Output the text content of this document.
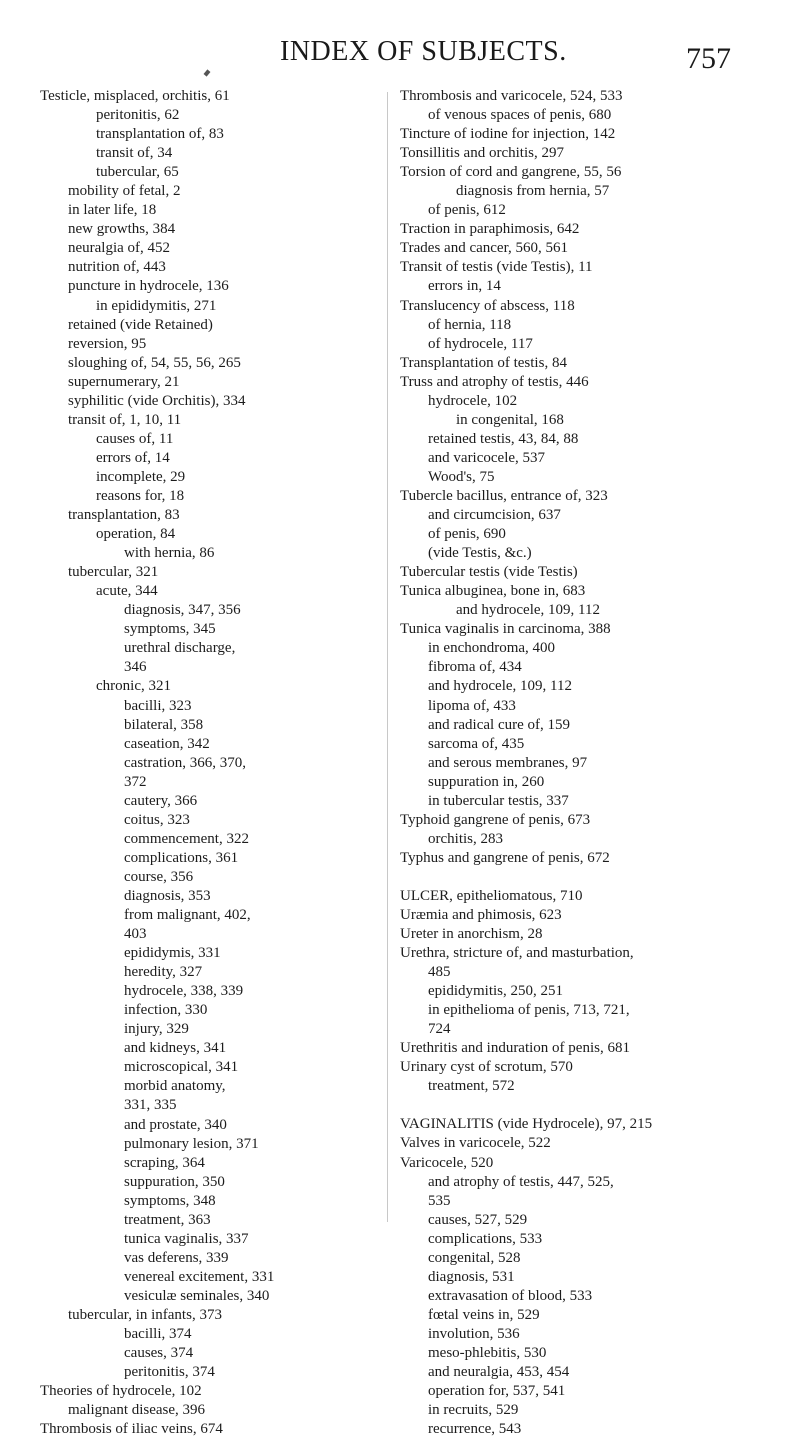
INDEX OF SUBJECTS.	757
Testicle, misplaced, orchitis, 61
peritonitis, 62
transplantation of, 83
transit of, 34
tubercular, 65
mobility of fetal, 2
in later life, 18
new growths, 384
neuralgia of, 452
nutrition of, 443
puncture in hydrocele, 136
in epididymitis, 271
retained (vide Retained)
reversion, 95
sloughing of, 54, 55, 56, 265
supernumerary, 21
syphilitic (vide Orchitis), 334
transit of, 1, 10, 11
causes of, 11
errors of, 14
incomplete, 29
reasons for, 18
transplantation, 83
operation, 84
with hernia, 86
tubercular, 321
acute, 344
diagnosis, 347, 356
symptoms, 345
urethral discharge,
346
chronic, 321
bacilli, 323
bilateral, 358
caseation, 342
castration, 366, 370,
372
cautery, 366
coitus, 323
commencement, 322
complications, 361
course, 356
diagnosis, 353
from malignant, 402,
403
epididymis, 331
heredity, 327
hydrocele, 338, 339
infection, 330
injury, 329
and kidneys, 341
microscopical, 341
morbid anatomy,
331, 335
and prostate, 340
pulmonary lesion, 371
scraping, 364
suppuration, 350
symptoms, 348
treatment, 363
tunica vaginalis, 337
vas deferens, 339
venereal excitement, 331
vesiculæ seminales, 340
tubercular, in infants, 373
bacilli, 374
causes, 374
peritonitis, 374
Theories of hydrocele, 102
malignant disease, 396
Thrombosis of iliac veins, 674
Thrombosis and varicocele, 524, 533
of venous spaces of penis, 680
Tincture of iodine for injection, 142
Tonsillitis and orchitis, 297
Torsion of cord and gangrene, 55, 56
diagnosis from hernia, 57
of penis, 612
Traction in paraphimosis, 642
Trades and cancer, 560, 561
Transit of testis (vide Testis), 11
errors in, 14
Translucency of abscess, 118
of hernia, 118
of hydrocele, 117
Transplantation of testis, 84
Truss and atrophy of testis, 446
hydrocele, 102
in congenital, 168
retained testis, 43, 84, 88
and varicocele, 537
Wood's, 75
Tubercle bacillus, entrance of, 323
and circumcision, 637
of penis, 690
(vide Testis, &c.)
Tubercular testis (vide Testis)
Tunica albuginea, bone in, 683
and hydrocele, 109, 112
Tunica vaginalis in carcinoma, 388
in enchondroma, 400
fibroma of, 434
and hydrocele, 109, 112
lipoma of, 433
and radical cure of, 159
sarcoma of, 435
and serous membranes, 97
suppuration in, 260
in tubercular testis, 337
Typhoid gangrene of penis, 673
orchitis, 283
Typhus and gangrene of penis, 672
ULCER, epitheliomatous, 710
Uræmia and phimosis, 623
Ureter in anorchism, 28
Urethra, stricture of, and masturbation,
485
epididymitis, 250, 251
in epithelioma of penis, 713, 721,
724
Urethritis and induration of penis, 681
Urinary cyst of scrotum, 570
treatment, 572
VAGINALITIS (vide Hydrocele), 97, 215
Valves in varicocele, 522
Varicocele, 520
and atrophy of testis, 447, 525,
535
causes, 527, 529
complications, 533
congenital, 528
diagnosis, 531
extravasation of blood, 533
fœtal veins in, 529
involution, 536
meso-phlebitis, 530
and neuralgia, 453, 454
operation for, 537, 541
in recruits, 529
recurrence, 543
